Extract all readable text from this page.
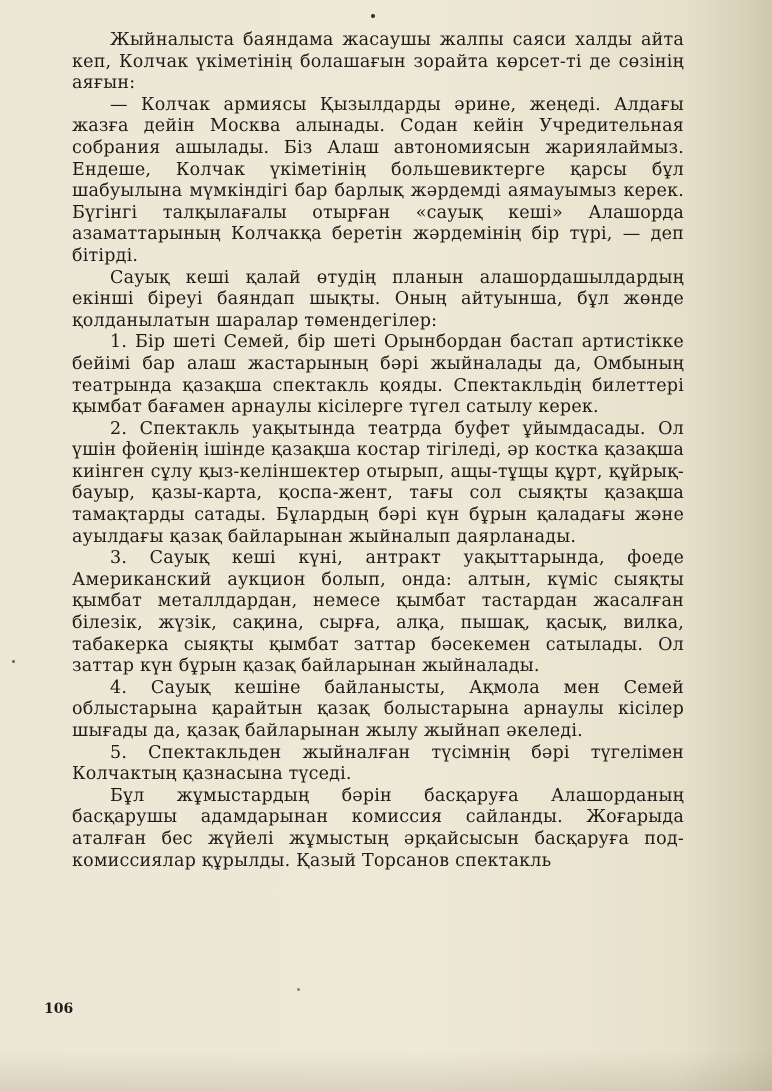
Жыйналыста баяндама жасаушы жалпы саяси халды айта кеп, Колчак үкіметінің болашағын зорайта көрсет-ті де сөзінің аяғын:

— Колчак армиясы Қызылдарды әрине, жеңеді. Алдағы жазға дейін Москва алынады. Содан кейін Учредительная собрания ашылады. Біз Алаш автономиясын жариялаймыз. Ендеше, Колчак үкіметінің большевиктерге қарсы бұл шабуылына мүмкіндігі бар барлық жәрдемді аямауымыз керек. Бүгінгі талқылағалы отырған «сауық кеші» Алашорда азаматтарының Колчакқа беретін жәрдемінің бір түрі, — деп бітірді.

Сауық кеші қалай өтудің планын алашордашылдардың екінші біреуі баяндап шықты. Оның айтуынша, бұл жөнде қолданылатын шаралар төмендегілер:

1. Бір шеті Семей, бір шеті Орынбордан бастап артистікке бейімі бар алаш жастарының бәрі жыйналады да, Омбының театрында қазақша спектакль қояды. Спектакльдің билеттері қымбат бағамен арнаулы кісілерге түгел сатылу керек.

2. Спектакль уақытында театрда буфет ұйымдасады. Ол үшін фойенің ішінде қазақша костар тігіледі, әр костка қазақша киінген сұлу қыз-келіншектер отырып, ащы-тұщы құрт, құйрық-бауыр, қазы-карта, қоспа-жент, тағы сол сыяқты қазақша тамақтарды сатады. Бұлардың бәрі күн бұрын қаладағы және ауылдағы қазақ байларынан жыйналып даярланады.

3. Сауық кеші күні, антракт уақыттарында, фоеде Американский аукцион болып, онда: алтын, күміс сыяқты қымбат металлдардан, немесе қымбат тастардан жасалған білезік, жүзік, сақина, сырға, алқа, пышақ, қасық, вилка, табакерка сыяқты қымбат заттар бәсекемен сатылады. Ол заттар күн бұрын қазақ байларынан жыйналады.

4. Сауық кешіне байланысты, Ақмола мен Семей облыстарына қарайтын қазақ болыстарына арнаулы кісілер шығады да, қазақ байларынан жылу жыйнап әкеледі.

5. Спектакльден жыйналған түсімнің бәрі түгелімен Колчактың қазнасына түседі.

Бұл жұмыстардың бәрін басқаруға Алашорданың басқарушы адамдарынан комиссия сайланды. Жоғарыда аталған бес жүйелі жұмыстың әрқайсысын басқаруға под-комиссиялар құрылды. Қазый Торсанов спектакль

106
